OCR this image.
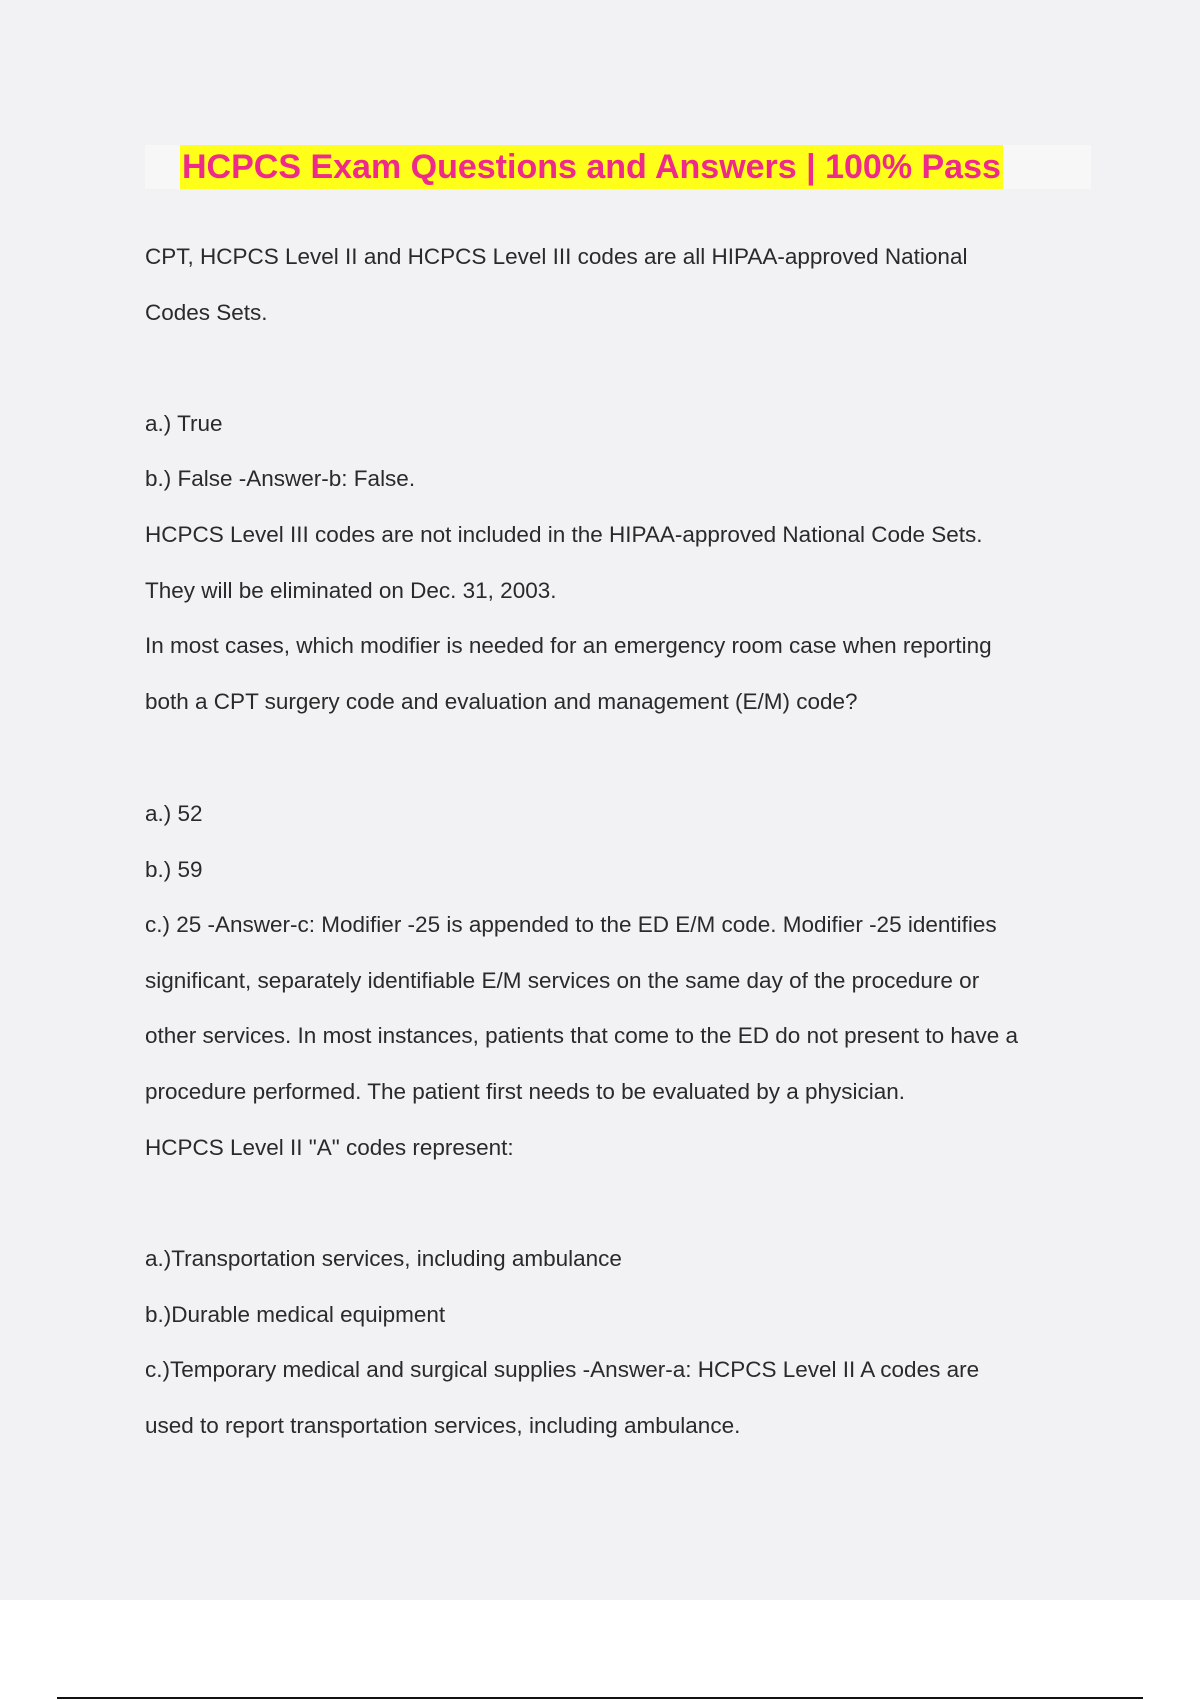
HCPCS Exam Questions and Answers | 100% Pass
CPT, HCPCS Level II and HCPCS Level III codes are all HIPAA-approved National
Codes Sets.
a.) True
b.) False -Answer-b: False.
HCPCS Level III codes are not included in the HIPAA-approved National Code Sets.
They will be eliminated on Dec. 31, 2003.
In most cases, which modifier is needed for an emergency room case when reporting
both a CPT surgery code and evaluation and management (E/M) code?
a.) 52
b.) 59
c.) 25 -Answer-c: Modifier -25 is appended to the ED E/M code. Modifier -25 identifies
significant, separately identifiable E/M services on the same day of the procedure or
other services. In most instances, patients that come to the ED do not present to have a
procedure performed. The patient first needs to be evaluated by a physician.
HCPCS Level II "A" codes represent:
a.)Transportation services, including ambulance
b.)Durable medical equipment
c.)Temporary medical and surgical supplies -Answer-a: HCPCS Level II A codes are
used to report transportation services, including ambulance.
